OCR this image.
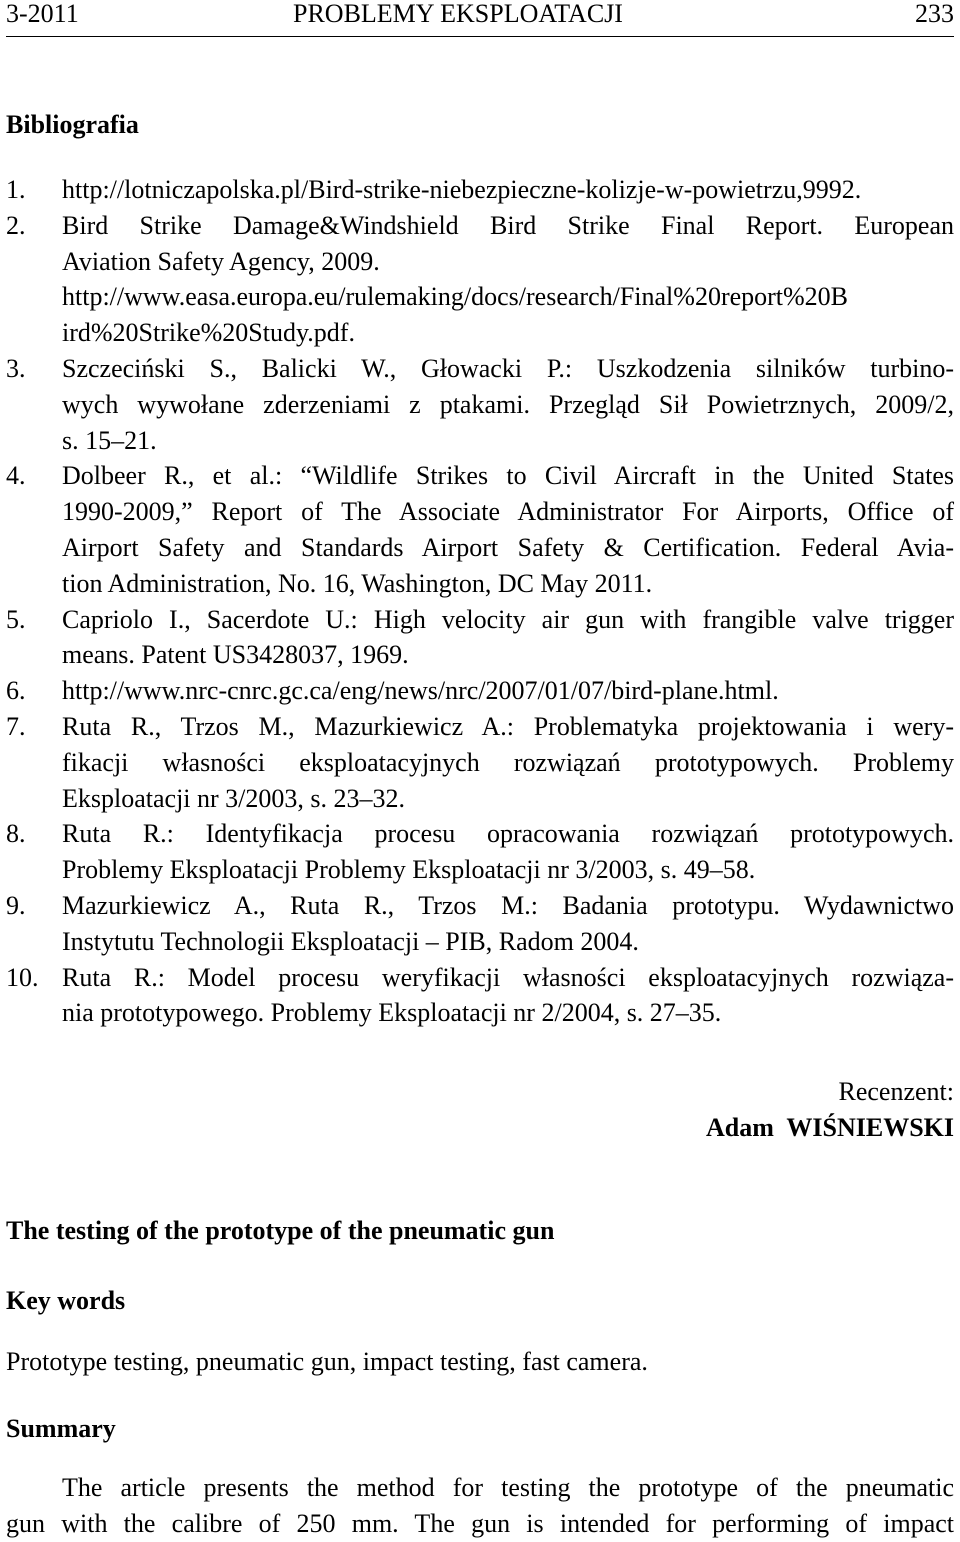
3-2011	PROBLEMY EKSPLOATACJI	233
Bibliografia
1. http://lotniczapolska.pl/Bird-strike-niebezpieczne-kolizje-w-powietrzu,9992.
2. Bird Strike Damage&Windshield Bird Strike Final Report. European
Aviation Safety Agency, 2009.
http://www.easa.europa.eu/rulemaking/docs/research/Final%20report%20B
ird%20Strike%20Study.pdf.
3. Szczeciński S., Balicki W., Głowacki P.: Uszkodzenia silników turbino-
wych wywołane zderzeniami z ptakami. Przegląd Sił Powietrznych, 2009/2,
s. 15–21.
4. Dolbeer R., et al.: “Wildlife Strikes to Civil Aircraft in the United States
1990-2009,” Report of The Associate Administrator For Airports, Office of
Airport Safety and Standards Airport Safety & Certification. Federal Avia-
tion Administration, No. 16, Washington, DC May 2011.
5. Capriolo I., Sacerdote U.: High velocity air gun with frangible valve trigger
means. Patent US3428037, 1969.
6. http://www.nrc-cnrc.gc.ca/eng/news/nrc/2007/01/07/bird-plane.html.
7. Ruta R., Trzos M., Mazurkiewicz A.: Problematyka projektowania i wery-
fikacji własności eksploatacyjnych rozwiązań prototypowych. Problemy
Eksploatacji nr 3/2003, s. 23–32.
8. Ruta R.: Identyfikacja procesu opracowania rozwiązań prototypowych.
Problemy Eksploatacji Problemy Eksploatacji nr 3/2003, s. 49–58.
9. Mazurkiewicz A., Ruta R., Trzos M.: Badania prototypu. Wydawnictwo
Instytutu Technologii Eksploatacji – PIB, Radom 2004.
10. Ruta R.: Model procesu weryfikacji własności eksploatacyjnych rozwiąza-
nia prototypowego. Problemy Eksploatacji nr 2/2004, s. 27–35.
Recenzent:
Adam  WIŚNIEWSKI
The testing of the prototype of the pneumatic gun
Key words
Prototype testing, pneumatic gun, impact testing, fast camera.
Summary
The article presents the method for testing the prototype of the pneumatic
gun with the calibre of 250 mm. The gun is intended for performing of impact
